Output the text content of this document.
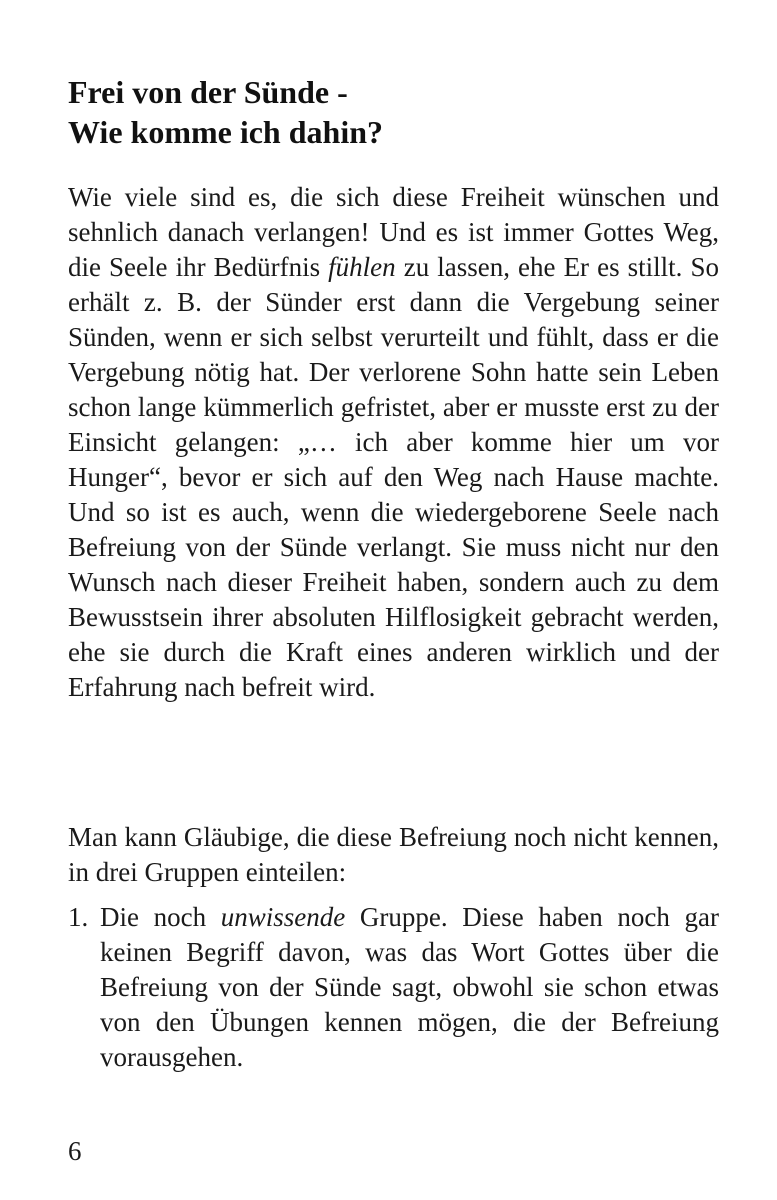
Frei von der Sünde -
Wie komme ich dahin?

Wie viele sind es, die sich diese Freiheit wünschen und sehnlich danach verlangen! Und es ist immer Gottes Weg, die Seele ihr Bedürfnis fühlen zu lassen, ehe Er es stillt. So erhält z. B. der Sünder erst dann die Vergebung seiner Sünden, wenn er sich selbst verurteilt und fühlt, dass er die Vergebung nötig hat. Der verlorene Sohn hatte sein Leben schon lange kümmerlich gefristet, aber er musste erst zu der Einsicht gelangen: „… ich aber komme hier um vor Hunger“, bevor er sich auf den Weg nach Hause machte. Und so ist es auch, wenn die wiedergeborene Seele nach Befreiung von der Sünde verlangt. Sie muss nicht nur den Wunsch nach dieser Freiheit haben, sondern auch zu dem Bewusstsein ihrer absoluten Hilflosigkeit gebracht werden, ehe sie durch die Kraft eines anderen wirklich und der Erfahrung nach befreit wird.

Man kann Gläubige, die diese Befreiung noch nicht kennen, in drei Gruppen einteilen:

1. Die noch unwissende Gruppe. Diese haben noch gar keinen Begriff davon, was das Wort Gottes über die Befreiung von der Sünde sagt, obwohl sie schon etwas von den Übungen kennen mögen, die der Befreiung vorausgehen.
6
